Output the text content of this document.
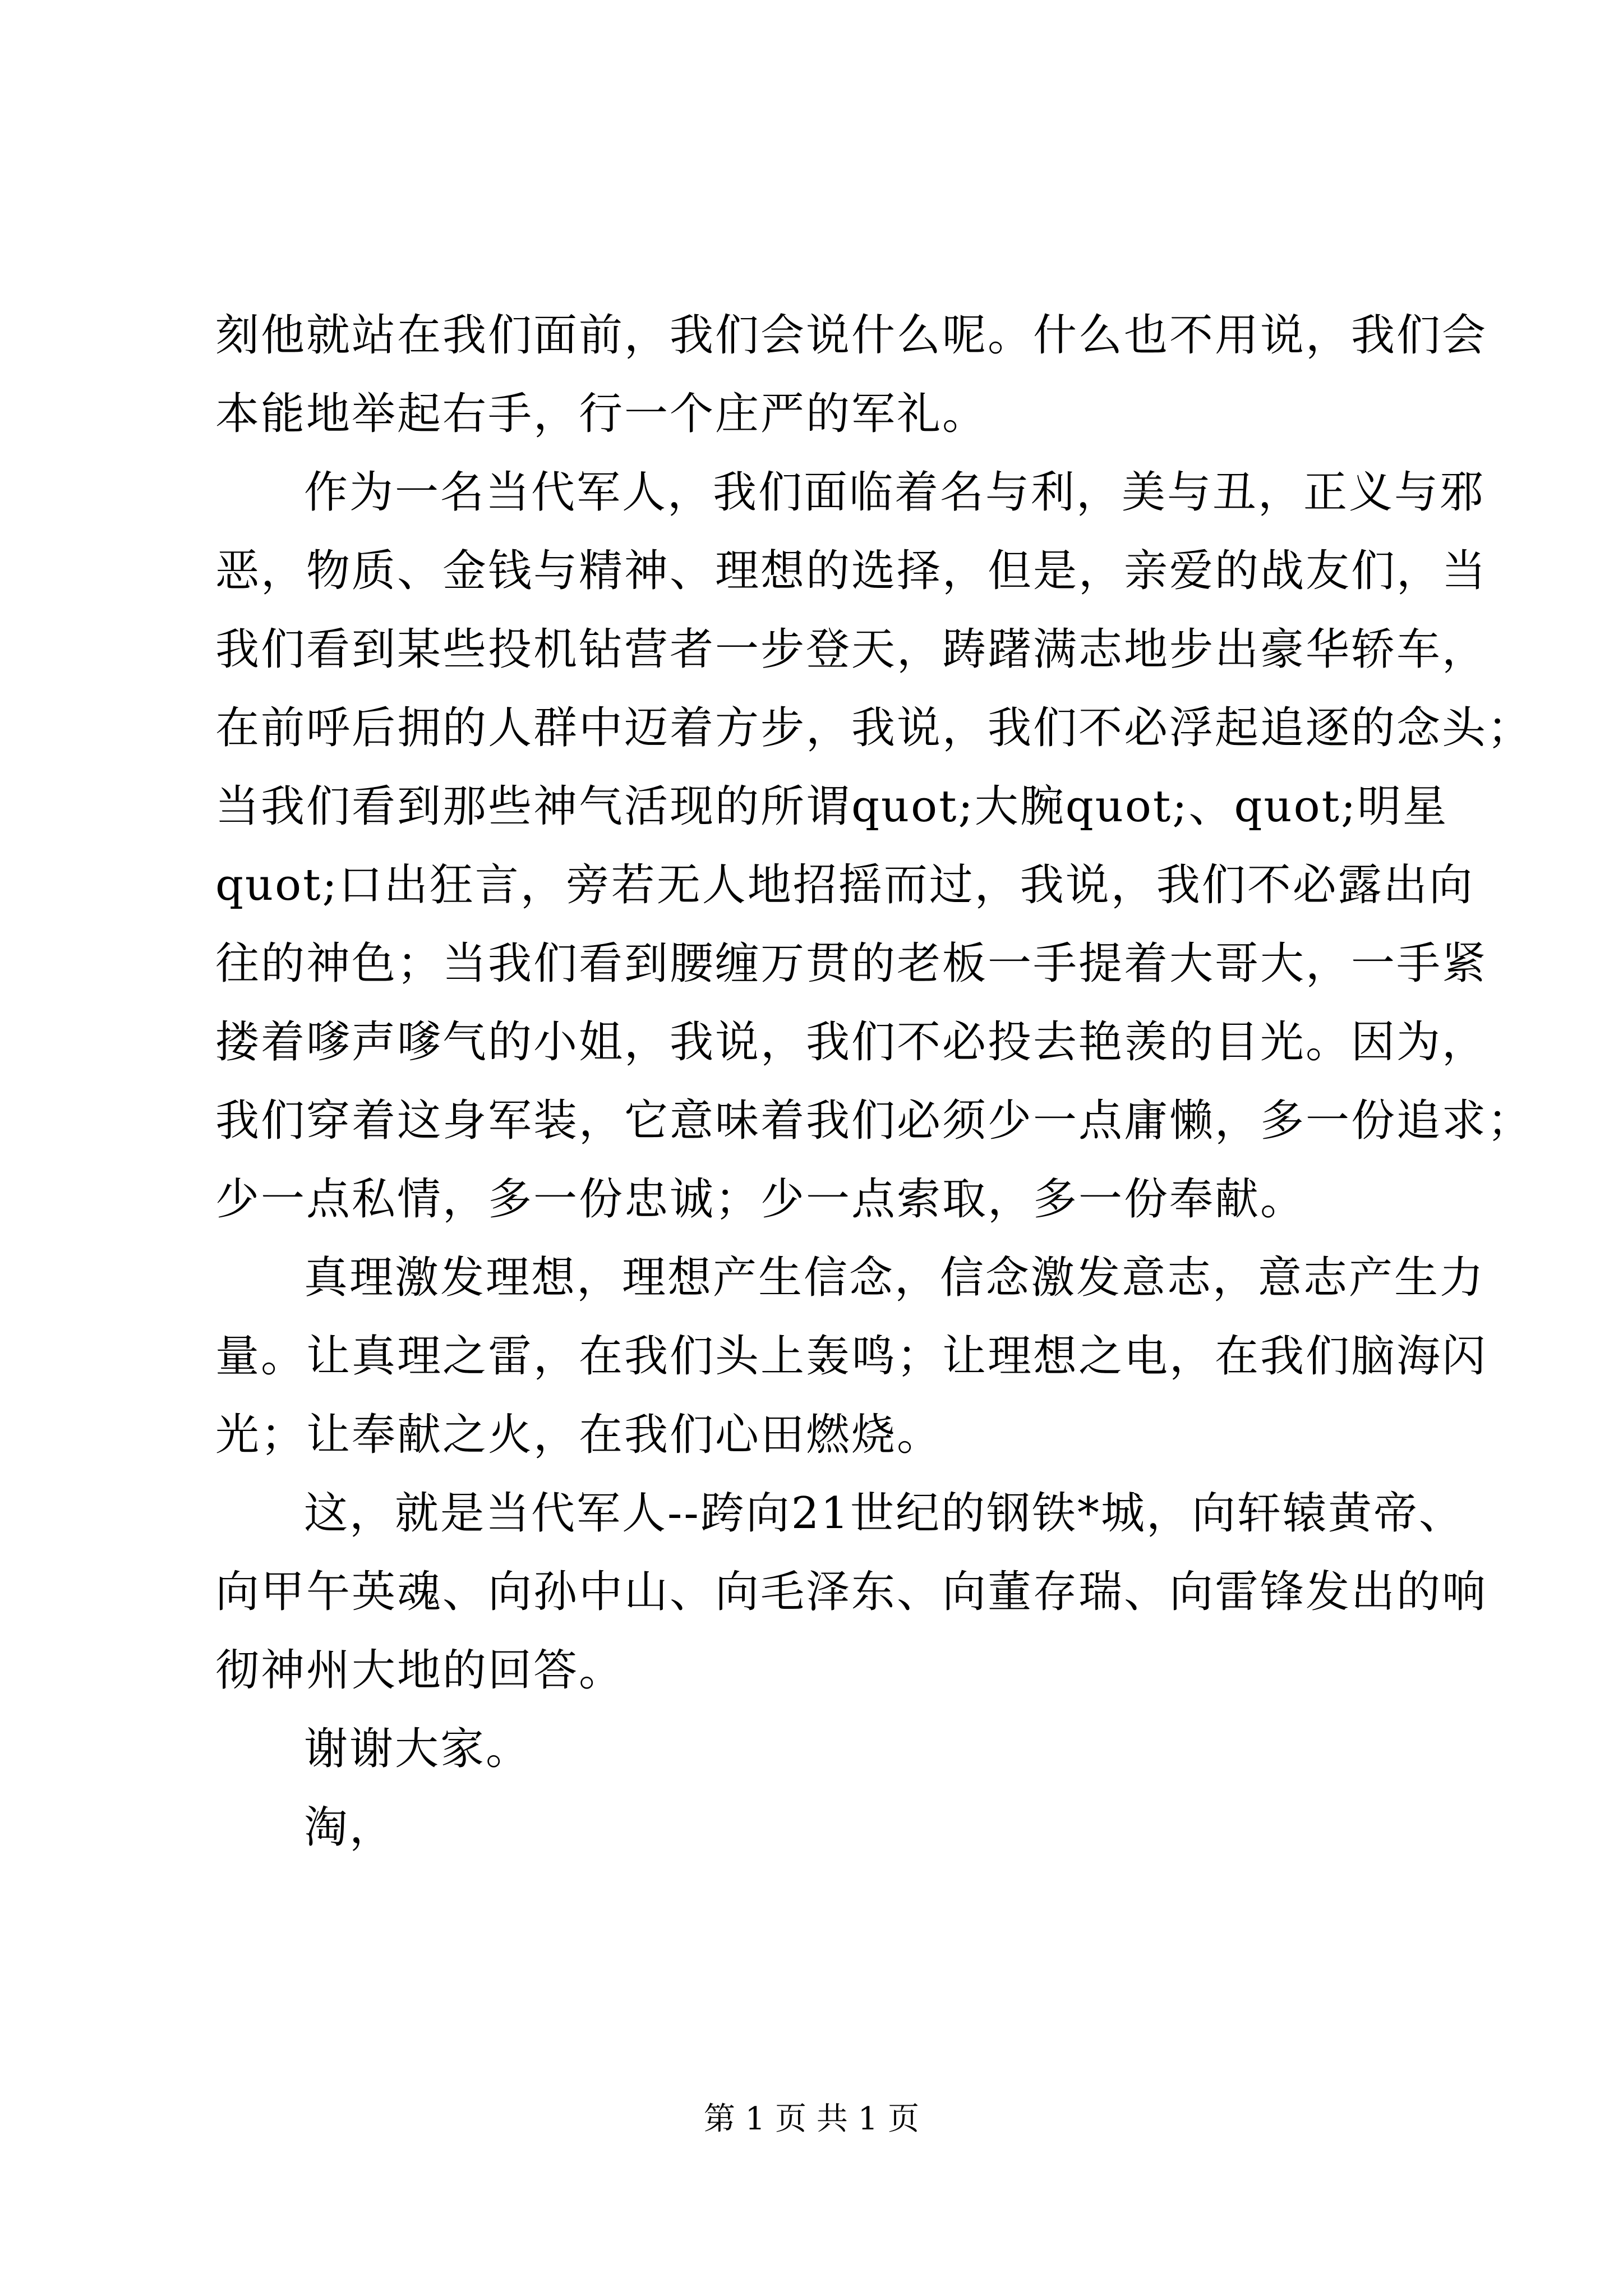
刻他就站在我们面前，我们会说什么呢。什么也不用说，我们会
本能地举起右手，行一个庄严的军礼。
作为一名当代军人，我们面临着名与利，美与丑，正义与邪
恶，物质、金钱与精神、理想的选择，但是，亲爱的战友们，当
我们看到某些投机钻营者一步登天，踌躇满志地步出豪华轿车，
在前呼后拥的人群中迈着方步，我说，我们不必浮起追逐的念头；
当我们看到那些神气活现的所谓quot;大腕quot;、quot;明星
quot;口出狂言，旁若无人地招摇而过，我说，我们不必露出向
往的神色；当我们看到腰缠万贯的老板一手提着大哥大，一手紧
搂着嗲声嗲气的小姐，我说，我们不必投去艳羡的目光。因为，
我们穿着这身军装，它意味着我们必须少一点庸懒，多一份追求；
少一点私情，多一份忠诚；少一点索取，多一份奉献。
真理激发理想，理想产生信念，信念激发意志，意志产生力
量。让真理之雷，在我们头上轰鸣；让理想之电，在我们脑海闪
光；让奉献之火，在我们心田燃烧。
这，就是当代军人--跨向21世纪的钢铁*城，向轩辕黄帝、
向甲午英魂、向孙中山、向毛泽东、向董存瑞、向雷锋发出的响
彻神州大地的回答。
谢谢大家。
淘，
第 1 页 共 1 页
